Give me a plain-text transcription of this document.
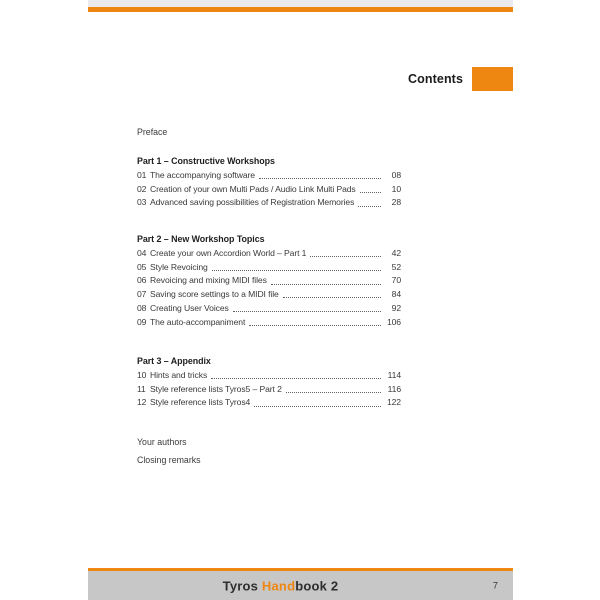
Contents
Preface
Part 1 – Constructive Workshops
01 The accompanying software	08
02 Creation of your own Multi Pads / Audio Link Multi Pads	10
03 Advanced saving possibilities of Registration Memories	28
Part 2 – New Workshop Topics
04 Create your own Accordion World – Part 1	42
05 Style Revoicing	52
06 Revoicing and mixing MIDI files	70
07 Saving score settings to a MIDI file	84
08 Creating User Voices	92
09 The auto-accompaniment	106
Part 3 – Appendix
10 Hints and tricks	114
11 Style reference lists Tyros5 – Part 2	116
12 Style reference lists Tyros4	122
Your authors
Closing remarks
Tyros Handbook 2	7
